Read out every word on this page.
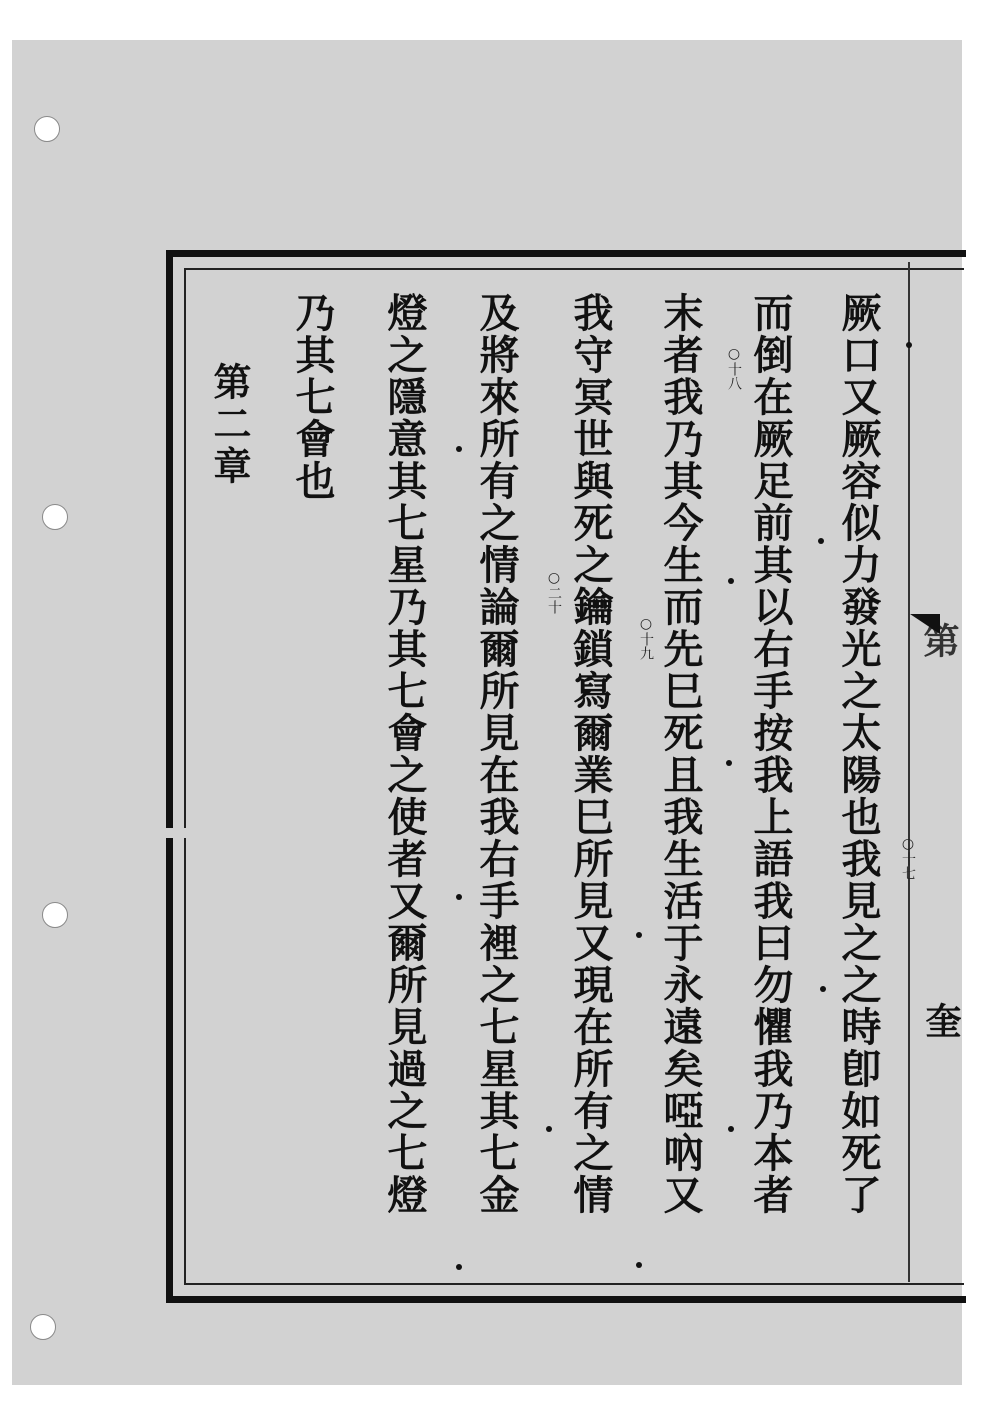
第
奎
厥口又厥容似力發光之太陽也我見之之時卽如死了
而倒在厥足前其以右手按我上語我曰勿懼我乃本者
末者我乃其今生而先巳死且我生活于永遠矣啞吶又
我守冥世與死之鑰鎖寫爾業巳所見又現在所有之情
及將來所有之情論爾所見在我右手裡之七星其七金
燈之隱意其七星乃其七會之使者又爾所見過之七燈
乃其七會也
第二章
○十七
○十八
○十九
○二十
